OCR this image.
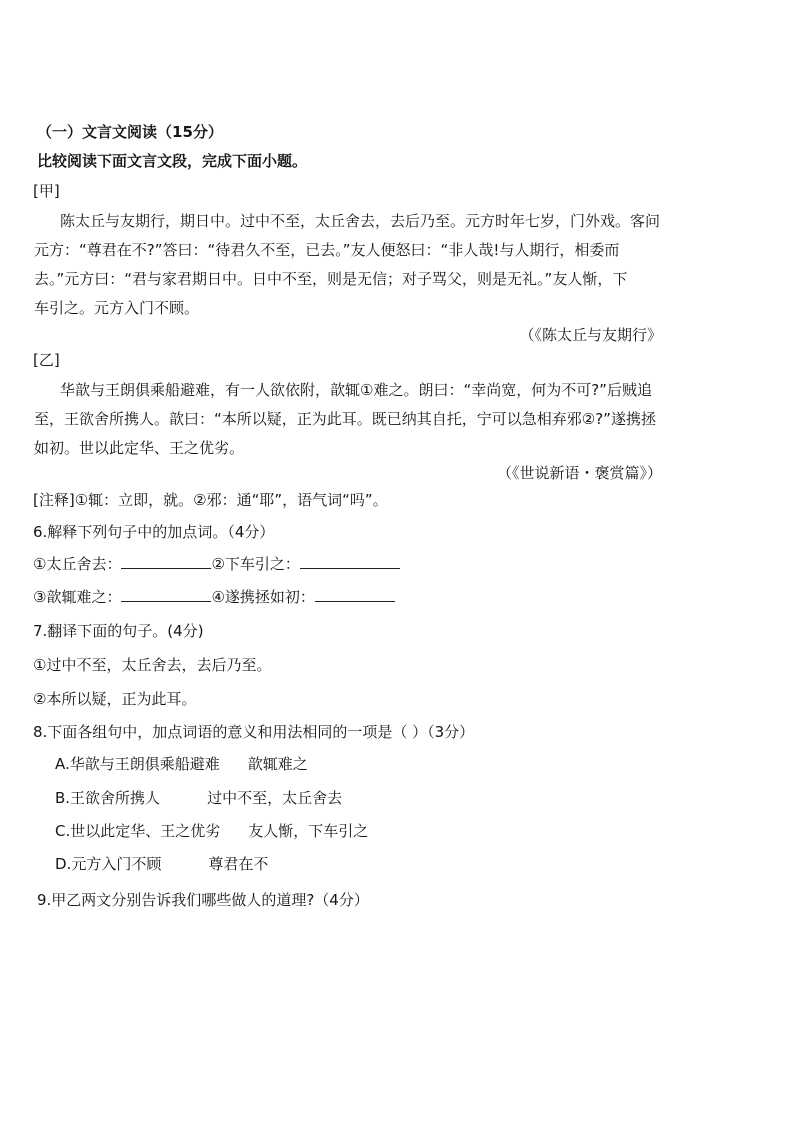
（一）文言文阅读（15分）
比较阅读下面文言文段，完成下面小题。
[甲]
陈太丘与友期行，期日中。过中不至，太丘舍去，去后乃至。元方时年七岁，门外戏。客问
元方：“尊君在不?”答曰：“待君久不至，已去。”友人便怒曰：“非人哉!与人期行，相委而
去。”元方曰：“君与家君期日中。日中不至，则是无信；对子骂父，则是无礼。”友人惭，下
车引之。元方入门不顾。
（《陈太丘与友期行》
[乙]
华歆与王朗俱乘船避难，有一人欲依附，歆辄①难之。朗曰：“幸尚宽，何为不可?”后贼追
至，王欲舍所携人。歆曰：“本所以疑，正为此耳。既已纳其自托，宁可以急相弃邪②?”遂携拯
如初。世以此定华、王之优劣。
（《世说新语・褒赏篇》）
[注释]①辄：立即，就。②邪：通“耶”，语气词“吗”。
6.解释下列句子中的加点词。（4分）
①太丘舍去：	②下车引之：
③歆辄难之：	④遂携拯如初：
7.翻译下面的句子。(4分)
①过中不至，太丘舍去，去后乃至。
②本所以疑，正为此耳。
8.下面各组句中，加点词语的意义和用法相同的一项是（ ）（3分）
A.华歆与王朗俱乘船避难 歆辄难之
B.王欲舍所携人	过中不至，太丘舍去
C.世以此定华、王之优劣 友人惭，下车引之
D.元方入门不顾	尊君在不
9.甲乙两文分别告诉我们哪些做人的道理?（4分）
